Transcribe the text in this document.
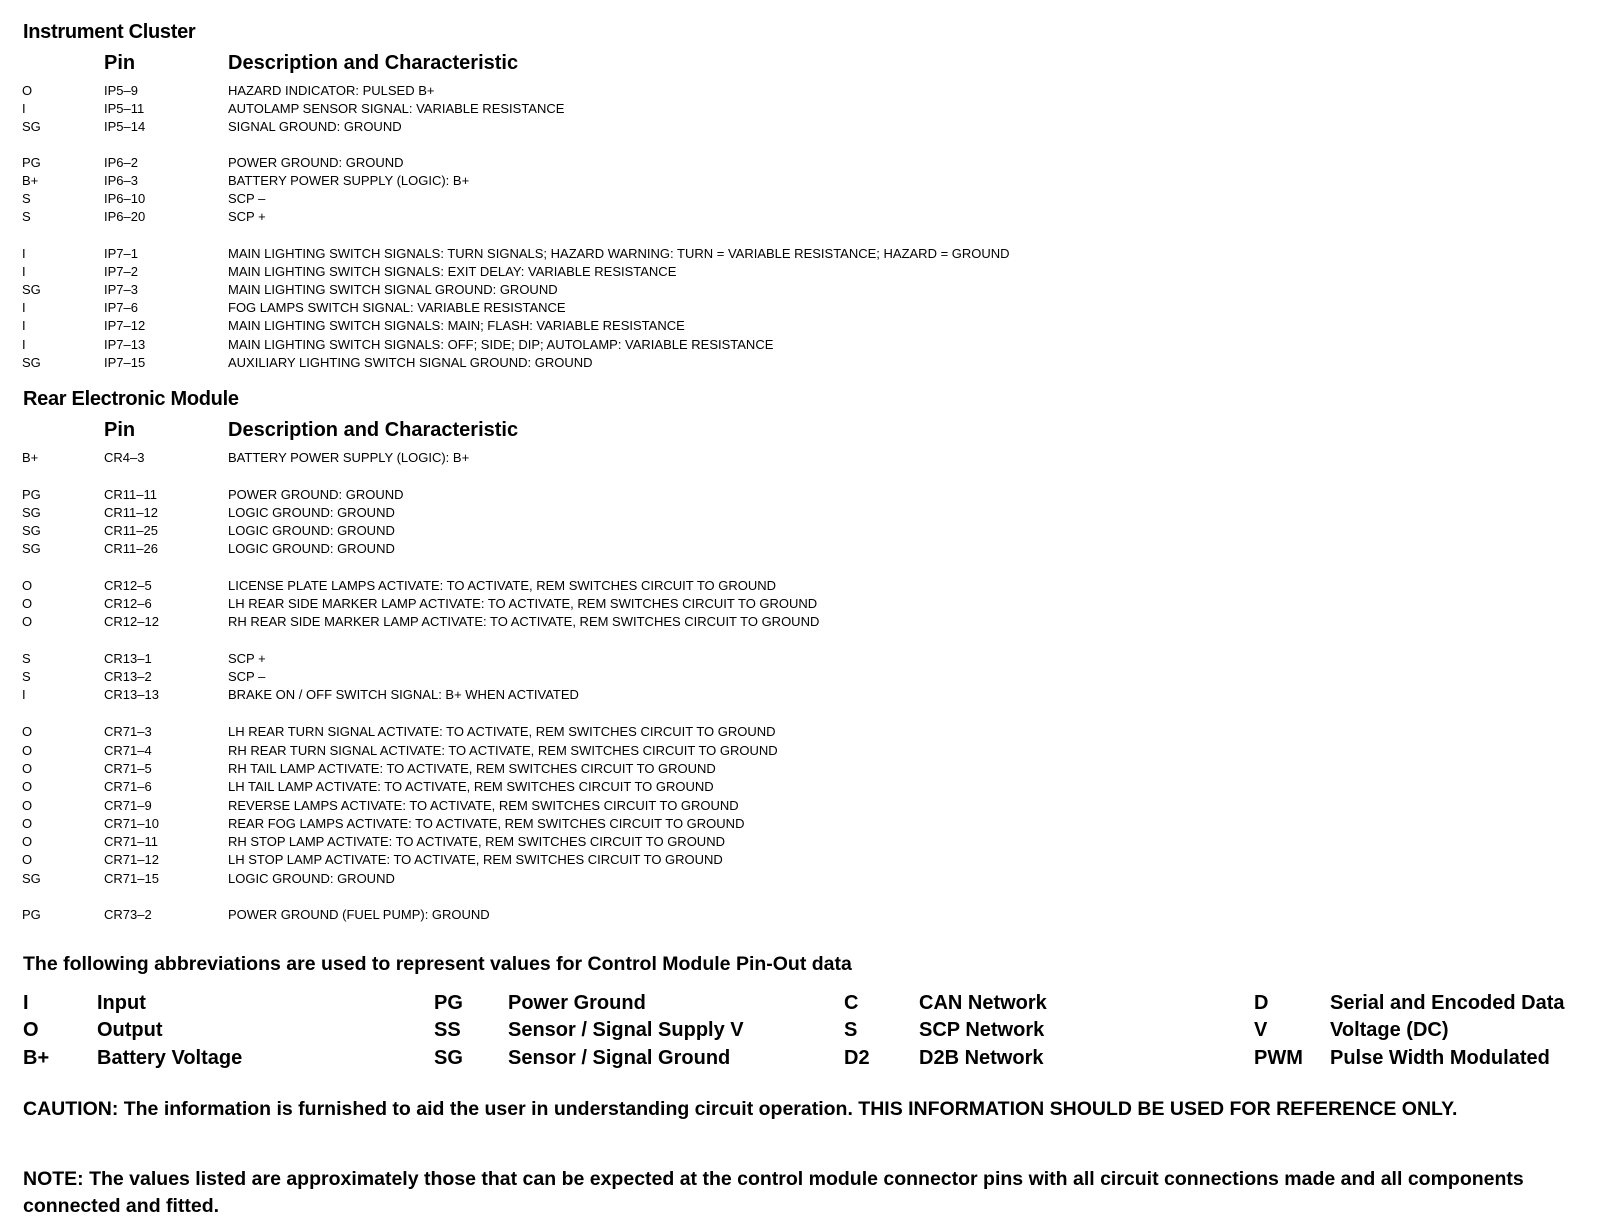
Instrument Cluster
Pin	Description and Characteristic
O	IP5–9	HAZARD INDICATOR: PULSED B+
I	IP5–11	AUTOLAMP SENSOR SIGNAL: VARIABLE RESISTANCE
SG	IP5–14	SIGNAL GROUND: GROUND
PG	IP6–2	POWER GROUND: GROUND
B+	IP6–3	BATTERY POWER SUPPLY (LOGIC): B+
S	IP6–10	SCP –
S	IP6–20	SCP +
I	IP7–1	MAIN LIGHTING SWITCH SIGNALS: TURN SIGNALS; HAZARD WARNING: TURN = VARIABLE RESISTANCE; HAZARD = GROUND
I	IP7–2	MAIN LIGHTING SWITCH SIGNALS: EXIT DELAY: VARIABLE RESISTANCE
SG	IP7–3	MAIN LIGHTING SWITCH SIGNAL GROUND: GROUND
I	IP7–6	FOG LAMPS SWITCH SIGNAL: VARIABLE RESISTANCE
I	IP7–12	MAIN LIGHTING SWITCH SIGNALS: MAIN; FLASH: VARIABLE RESISTANCE
I	IP7–13	MAIN LIGHTING SWITCH SIGNALS: OFF; SIDE; DIP; AUTOLAMP: VARIABLE RESISTANCE
SG	IP7–15	AUXILIARY LIGHTING SWITCH SIGNAL GROUND: GROUND
Rear Electronic Module
Pin	Description and Characteristic
B+	CR4–3	BATTERY POWER SUPPLY (LOGIC): B+
PG	CR11–11	POWER GROUND: GROUND
SG	CR11–12	LOGIC GROUND: GROUND
SG	CR11–25	LOGIC GROUND: GROUND
SG	CR11–26	LOGIC GROUND: GROUND
O	CR12–5	LICENSE PLATE LAMPS ACTIVATE: TO ACTIVATE, REM SWITCHES CIRCUIT TO GROUND
O	CR12–6	LH REAR SIDE MARKER LAMP ACTIVATE: TO ACTIVATE, REM SWITCHES CIRCUIT TO GROUND
O	CR12–12	RH REAR SIDE MARKER LAMP ACTIVATE: TO ACTIVATE, REM SWITCHES CIRCUIT TO GROUND
S	CR13–1	SCP +
S	CR13–2	SCP –
I	CR13–13	BRAKE ON / OFF SWITCH SIGNAL: B+ WHEN ACTIVATED
O	CR71–3	LH REAR TURN SIGNAL ACTIVATE: TO ACTIVATE, REM SWITCHES CIRCUIT TO GROUND
O	CR71–4	RH REAR TURN SIGNAL ACTIVATE: TO ACTIVATE, REM SWITCHES CIRCUIT TO GROUND
O	CR71–5	RH TAIL LAMP ACTIVATE: TO ACTIVATE, REM SWITCHES CIRCUIT TO GROUND
O	CR71–6	LH TAIL LAMP ACTIVATE: TO ACTIVATE, REM SWITCHES CIRCUIT TO GROUND
O	CR71–9	REVERSE LAMPS ACTIVATE: TO ACTIVATE, REM SWITCHES CIRCUIT TO GROUND
O	CR71–10	REAR FOG LAMPS ACTIVATE: TO ACTIVATE, REM SWITCHES CIRCUIT TO GROUND
O	CR71–11	RH STOP LAMP ACTIVATE: TO ACTIVATE, REM SWITCHES CIRCUIT TO GROUND
O	CR71–12	LH STOP LAMP ACTIVATE: TO ACTIVATE, REM SWITCHES CIRCUIT TO GROUND
SG	CR71–15	LOGIC GROUND: GROUND
PG	CR73–2	POWER GROUND (FUEL PUMP): GROUND
The following abbreviations are used to represent values for Control Module Pin-Out data
I	Input	PG Power Ground	C	CAN Network	D	Serial and Encoded Data
O	Output	SS Sensor / Signal Supply V	S	SCP Network	V	Voltage (DC)
B+ Battery Voltage	SG Sensor / Signal Ground	D2 D2B Network	PWM Pulse Width Modulated
CAUTION: The information is furnished to aid the user in understanding circuit operation. THIS INFORMATION SHOULD BE USED FOR REFERENCE ONLY.
NOTE: The values listed are approximately those that can be expected at the control module connector pins with all circuit connections made and all components connected and fitted.
